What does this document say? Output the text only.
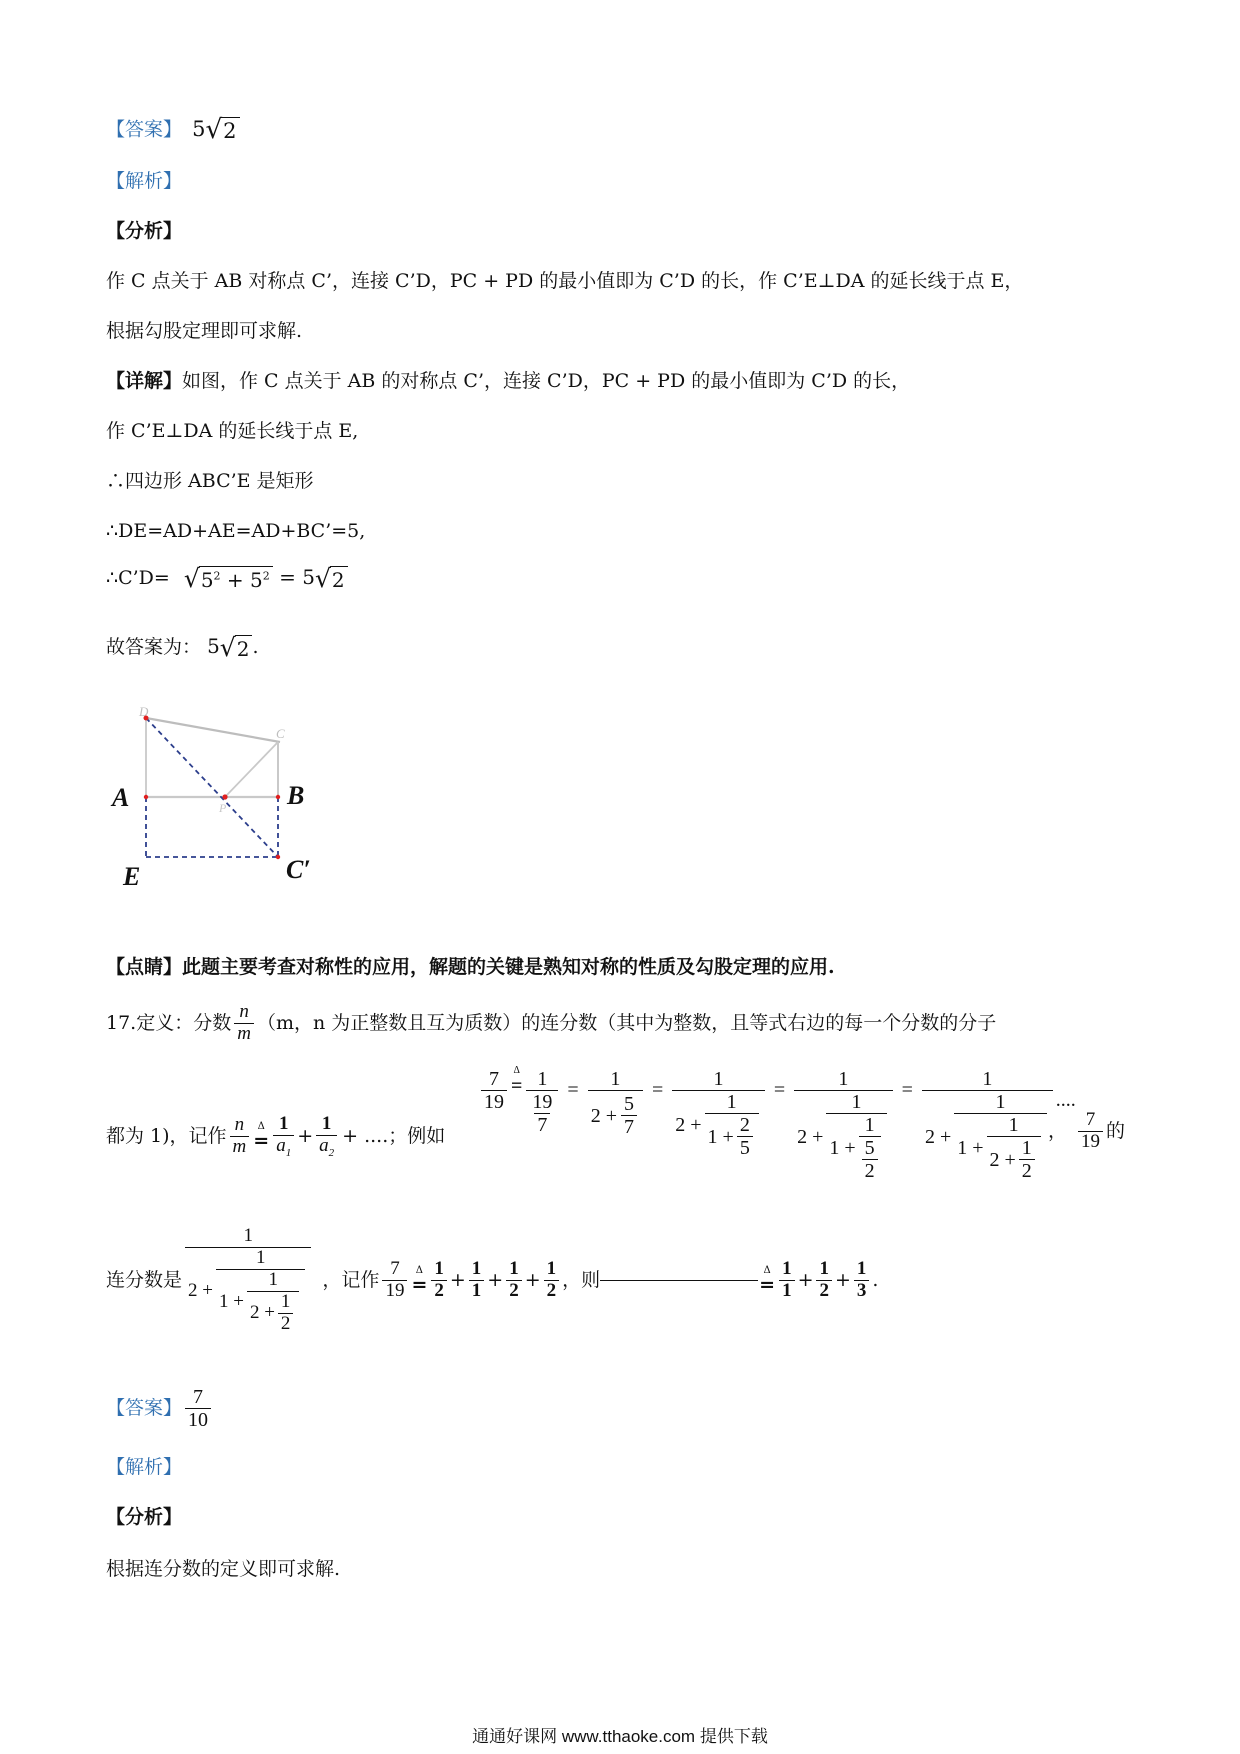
【答案】 5 √ 2
【解析】
【分析】
作 C 点关于 AB 对称点 C’，连接 C’D，PC + PD 的最小值即为 C’D 的长，作 C’E⊥DA 的延长线于点 E，
根据勾股定理即可求解.
【详解】如图，作 C 点关于 AB 的对称点 C’，连接 C’D，PC + PD 的最小值即为 C’D 的长，
作 C’E⊥DA 的延长线于点 E,
∴四边形 ABC’E 是矩形
∴DE=AD+AE=AD+BC’=5,
∴C’D= √ $5^2 + 5^2 = 5$ √ 2
故答案为： 5 √ 2 .
D
C
P
A	B
E	C′
【点睛】此题主要考查对称性的应用，解题的关键是熟知对称的性质及勾股定理的应用.
17.定义：分数 $\frac{n}{m} (m$，n 为正整数且互为质数）的连分数（其中为整数，且等式右边的每一个分数的分子
$\frac{7}{19}$ Δ
= $\frac{1}{\frac{19}{7}} = \frac{1}{2 + \frac{5}{7}} = \frac{1}{2 + \frac{1}{1 + \frac{2}{5}}} = \frac{1}{2 + \frac{1}{1 + \frac{1}{\frac{5}{2}}}} = \frac{1}{2 + \frac{1}{1 + \frac{1}{2 + \frac{1}{2}}}}$ ....
都为 1)，记作 $\frac{n}{m}$ Δ
= $\frac{1}{a_1} + \frac{1}{a_2}$ + .... ；例如	， $\frac{7}{19}$ 的
连分数是 $\frac{1}{2 + \frac{1}{1 + \frac{1}{2 + \frac{1}{2}}}}$ ，记作 $\frac{7}{19}$ Δ
= $\frac{1}{2} + \frac{1}{1} + \frac{1}{2} + \frac{1}{2}$ ，则	Δ
= $\frac{1}{1} + \frac{1}{2} + \frac{1}{3}$ .
【答案】 $\frac{7}{10}$
【解析】
【分析】
根据连分数的定义即可求解.
通通好课网 www.tthaoke.com 提供下载
